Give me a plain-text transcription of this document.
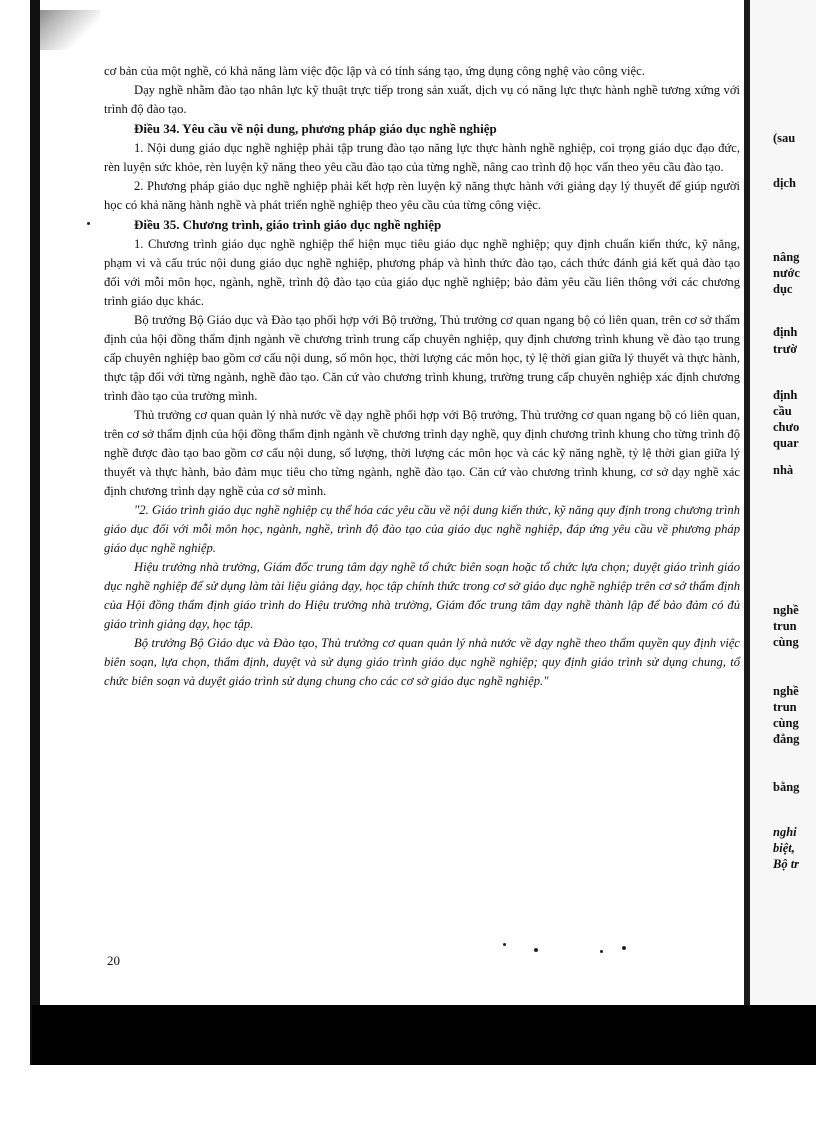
cơ bản của một nghề, có khả năng làm việc độc lập và có tính sáng tạo, ứng dụng công nghệ vào công việc.

Dạy nghề nhằm đào tạo nhân lực kỹ thuật trực tiếp trong sản xuất, dịch vụ có năng lực thực hành nghề tương xứng với trình độ đào tạo.

Điều 34. Yêu cầu về nội dung, phương pháp giáo dục nghề nghiệp

1. Nội dung giáo dục nghề nghiệp phải tập trung đào tạo năng lực thực hành nghề nghiệp, coi trọng giáo dục đạo đức, rèn luyện sức khỏe, rèn luyện kỹ năng theo yêu cầu đào tạo của từng nghề, nâng cao trình độ học vấn theo yêu cầu đào tạo.

2. Phương pháp giáo dục nghề nghiệp phải kết hợp rèn luyện kỹ năng thực hành với giảng dạy lý thuyết để giúp người học có khả năng hành nghề và phát triển nghề nghiệp theo yêu cầu của từng công việc.

Điều 35. Chương trình, giáo trình giáo dục nghề nghiệp

1. Chương trình giáo dục nghề nghiệp thể hiện mục tiêu giáo dục nghề nghiệp; quy định chuẩn kiến thức, kỹ năng, phạm vi và cấu trúc nội dung giáo dục nghề nghiệp, phương pháp và hình thức đào tạo, cách thức đánh giá kết quả đào tạo đối với mỗi môn học, ngành, nghề, trình độ đào tạo của giáo dục nghề nghiệp; bảo đảm yêu cầu liên thông với các chương trình giáo dục khác.

Bộ trưởng Bộ Giáo dục và Đào tạo phối hợp với Bộ trưởng, Thủ trưởng cơ quan ngang bộ có liên quan, trên cơ sở thẩm định của hội đồng thẩm định ngành về chương trình trung cấp chuyên nghiệp, quy định chương trình khung về đào tạo trung cấp chuyên nghiệp bao gồm cơ cấu nội dung, số môn học, thời lượng các môn học, tỷ lệ thời gian giữa lý thuyết và thực hành, thực tập đối với từng ngành, nghề đào tạo. Căn cứ vào chương trình khung, trường trung cấp chuyên nghiệp xác định chương trình đào tạo của trường mình.

Thủ trưởng cơ quan quản lý nhà nước về dạy nghề phối hợp với Bộ trưởng, Thủ trưởng cơ quan ngang bộ có liên quan, trên cơ sở thẩm định của hội đồng thẩm định ngành về chương trình dạy nghề, quy định chương trình khung cho từng trình độ nghề được đào tạo bao gồm cơ cấu nội dung, số lượng, thời lượng các môn học và các kỹ năng nghề, tỷ lệ thời gian giữa lý thuyết và thực hành, bảo đảm mục tiêu cho từng ngành, nghề đào tạo. Căn cứ vào chương trình khung, cơ sở dạy nghề xác định chương trình dạy nghề của cơ sở mình.

"2. Giáo trình giáo dục nghề nghiệp cụ thể hóa các yêu cầu về nội dung kiến thức, kỹ năng quy định trong chương trình giáo dục đối với mỗi môn học, ngành, nghề, trình độ đào tạo của giáo dục nghề nghiệp, đáp ứng yêu cầu về phương pháp giáo dục nghề nghiệp.

Hiệu trưởng nhà trường, Giám đốc trung tâm dạy nghề tổ chức biên soạn hoặc tổ chức lựa chọn; duyệt giáo trình giáo dục nghề nghiệp để sử dụng làm tài liệu giảng dạy, học tập chính thức trong cơ sở giáo dục nghề nghiệp trên cơ sở thẩm định của Hội đồng thẩm định giáo trình do Hiệu trưởng nhà trường, Giám đốc trung tâm dạy nghề thành lập để bảo đảm có đủ giáo trình giảng dạy, học tập.

Bộ trưởng Bộ Giáo dục và Đào tạo, Thủ trưởng cơ quan quản lý nhà nước về dạy nghề theo thẩm quyền quy định việc biên soạn, lựa chọn, thẩm định, duyệt và sử dụng giáo trình giáo dục nghề nghiệp; quy định giáo trình sử dụng chung, tổ chức biên soạn và duyệt giáo trình sử dụng chung cho các cơ sở giáo dục nghề nghiệp."

20
(sau
dịch
nâng
nước
dục
định
trườ
định
cầu
chưo
quar
nhà
nghề
trun
cùng
nghề
trun
cùng
đẳng
bằng
nghi
biệt,
Bộ tr
